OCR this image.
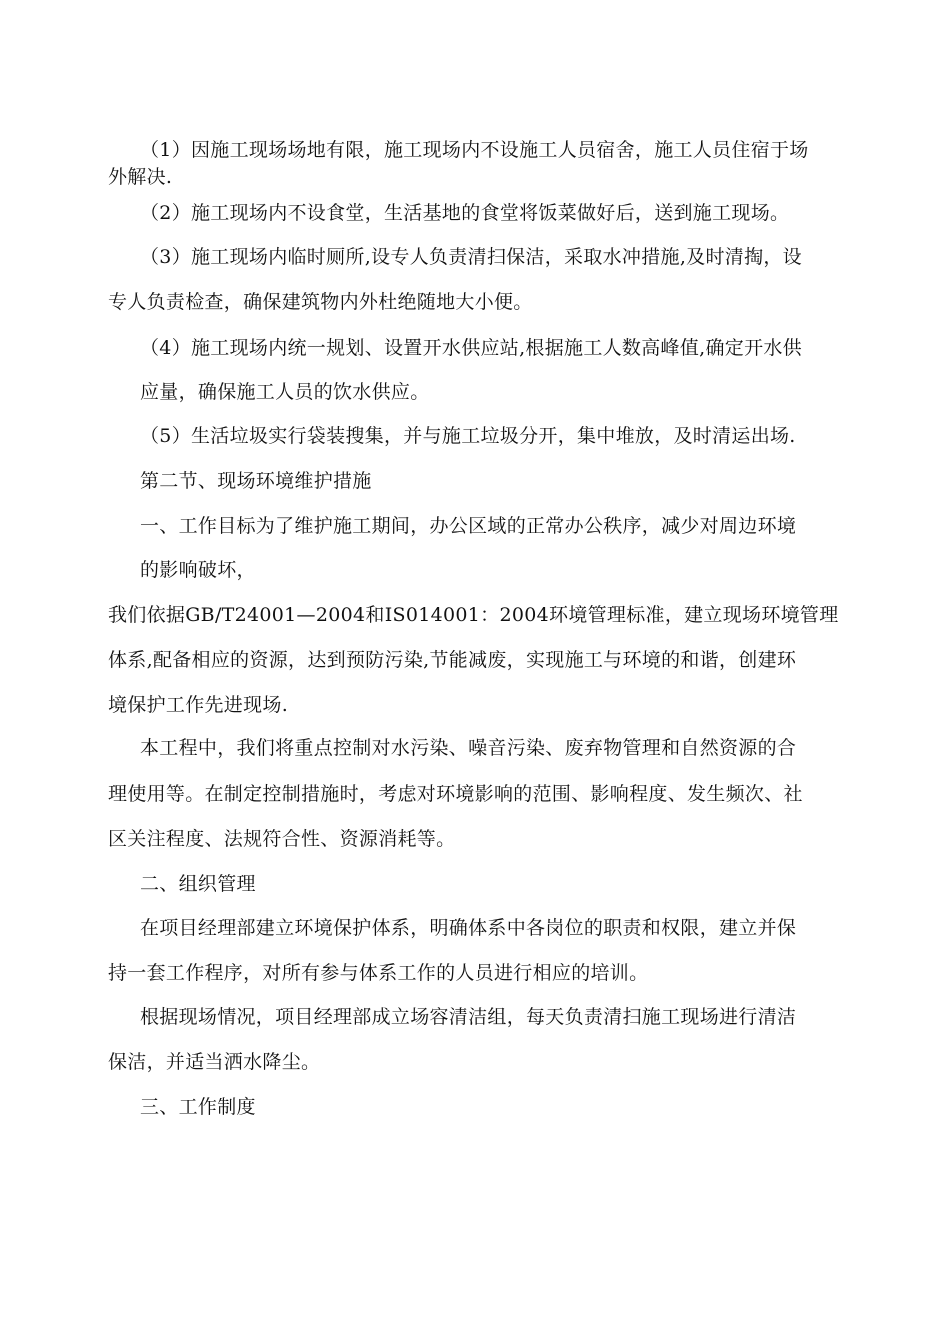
（1）因施工现场场地有限，施工现场内不设施工人员宿舍，施工人员住宿于场
外解决.
（2）施工现场内不设食堂，生活基地的食堂将饭菜做好后，送到施工现场。
（3）施工现场内临时厕所,设专人负责清扫保洁，采取水冲措施,及时清掏，设
专人负责检查，确保建筑物内外杜绝随地大小便。
（4）施工现场内统一规划、设置开水供应站,根据施工人数高峰值,确定开水供
应量，确保施工人员的饮水供应。
（5）生活垃圾实行袋装搜集，并与施工垃圾分开，集中堆放，及时清运出场.
第二节、现场环境维护措施
一、工作目标为了维护施工期间，办公区域的正常办公秩序，减少对周边环境
的影响破坏，
我们依据GB/T24001—2004和IS014001：2004环境管理标准，建立现场环境管理
体系,配备相应的资源，达到预防污染,节能减废，实现施工与环境的和谐，创建环
境保护工作先进现场.
本工程中，我们将重点控制对水污染、噪音污染、废弃物管理和自然资源的合
理使用等。在制定控制措施时，考虑对环境影响的范围、影响程度、发生频次、社
区关注程度、法规符合性、资源消耗等。
二、组织管理
在项目经理部建立环境保护体系，明确体系中各岗位的职责和权限，建立并保
持一套工作程序，对所有参与体系工作的人员进行相应的培训。
根据现场情况，项目经理部成立场容清洁组，每天负责清扫施工现场进行清洁
保洁，并适当洒水降尘。
三、工作制度
